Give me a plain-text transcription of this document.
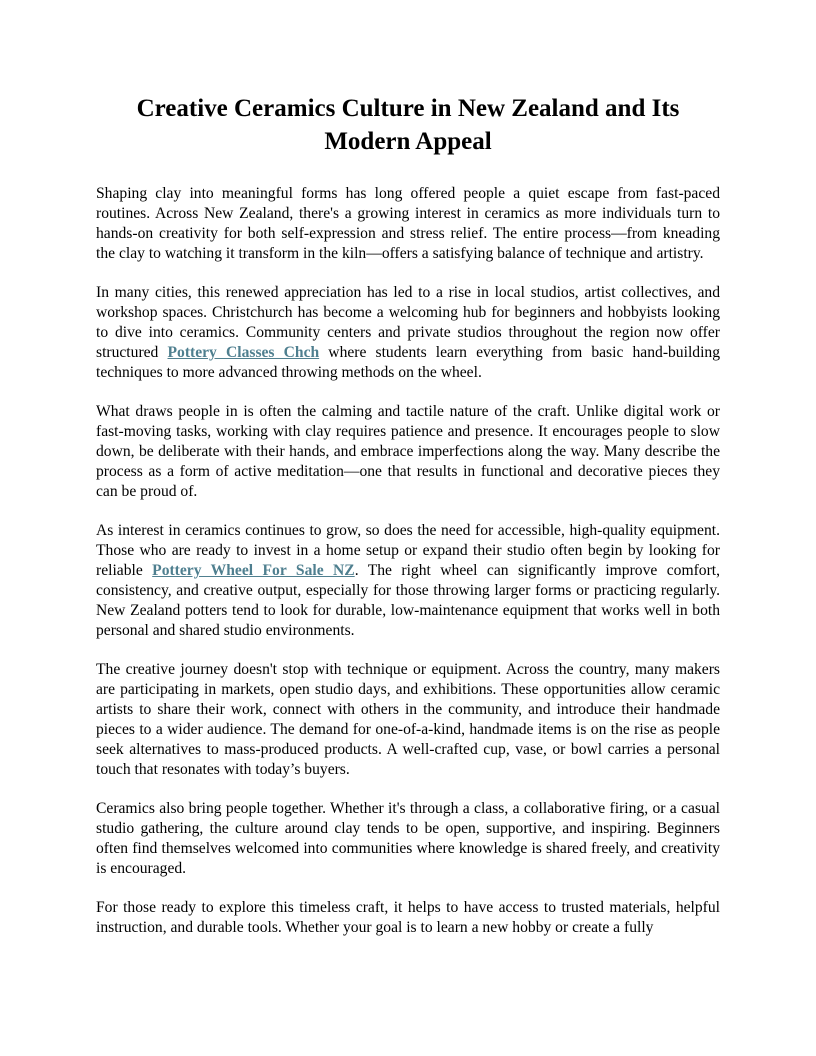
Creative Ceramics Culture in New Zealand and Its Modern Appeal

Shaping clay into meaningful forms has long offered people a quiet escape from fast-paced routines. Across New Zealand, there's a growing interest in ceramics as more individuals turn to hands-on creativity for both self-expression and stress relief. The entire process—from kneading the clay to watching it transform in the kiln—offers a satisfying balance of technique and artistry.

In many cities, this renewed appreciation has led to a rise in local studios, artist collectives, and workshop spaces. Christchurch has become a welcoming hub for beginners and hobbyists looking to dive into ceramics. Community centers and private studios throughout the region now offer structured Pottery Classes Chch where students learn everything from basic hand-building techniques to more advanced throwing methods on the wheel.

What draws people in is often the calming and tactile nature of the craft. Unlike digital work or fast-moving tasks, working with clay requires patience and presence. It encourages people to slow down, be deliberate with their hands, and embrace imperfections along the way. Many describe the process as a form of active meditation—one that results in functional and decorative pieces they can be proud of.

As interest in ceramics continues to grow, so does the need for accessible, high-quality equipment. Those who are ready to invest in a home setup or expand their studio often begin by looking for reliable Pottery Wheel For Sale NZ. The right wheel can significantly improve comfort, consistency, and creative output, especially for those throwing larger forms or practicing regularly. New Zealand potters tend to look for durable, low-maintenance equipment that works well in both personal and shared studio environments.

The creative journey doesn't stop with technique or equipment. Across the country, many makers are participating in markets, open studio days, and exhibitions. These opportunities allow ceramic artists to share their work, connect with others in the community, and introduce their handmade pieces to a wider audience. The demand for one-of-a-kind, handmade items is on the rise as people seek alternatives to mass-produced products. A well-crafted cup, vase, or bowl carries a personal touch that resonates with today’s buyers.

Ceramics also bring people together. Whether it's through a class, a collaborative firing, or a casual studio gathering, the culture around clay tends to be open, supportive, and inspiring. Beginners often find themselves welcomed into communities where knowledge is shared freely, and creativity is encouraged.

For those ready to explore this timeless craft, it helps to have access to trusted materials, helpful instruction, and durable tools. Whether your goal is to learn a new hobby or create a fully
